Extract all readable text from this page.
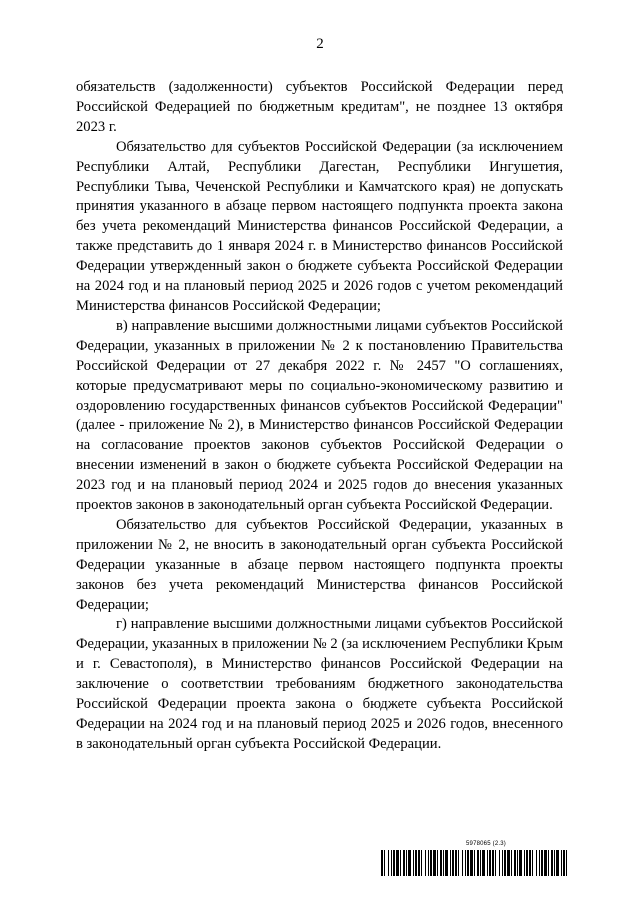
2

обязательств (задолженности) субъектов Российской Федерации перед Российской Федерацией по бюджетным кредитам", не позднее 13 октября 2023 г.

Обязательство для субъектов Российской Федерации (за исключением Республики Алтай, Республики Дагестан, Республики Ингушетия, Республики Тыва, Чеченской Республики и Камчатского края) не допускать принятия указанного в абзаце первом настоящего подпункта проекта закона без учета рекомендаций Министерства финансов Российской Федерации, а также представить до 1 января 2024 г. в Министерство финансов Российской Федерации утвержденный закон о бюджете субъекта Российской Федерации на 2024 год и на плановый период 2025 и 2026 годов с учетом рекомендаций Министерства финансов Российской Федерации;

в) направление высшими должностными лицами субъектов Российской Федерации, указанных в приложении № 2 к постановлению Правительства Российской Федерации от 27 декабря 2022 г. № 2457 "О соглашениях, которые предусматривают меры по социально-экономическому развитию и оздоровлению государственных финансов субъектов Российской Федерации" (далее - приложение № 2), в Министерство финансов Российской Федерации на согласование проектов законов субъектов Российской Федерации о внесении изменений в закон о бюджете субъекта Российской Федерации на 2023 год и на плановый период 2024 и 2025 годов до внесения указанных проектов законов в законодательный орган субъекта Российской Федерации.

Обязательство для субъектов Российской Федерации, указанных в приложении № 2, не вносить в законодательный орган субъекта Российской Федерации указанные в абзаце первом настоящего подпункта проекты законов без учета рекомендаций Министерства финансов Российской Федерации;

г) направление высшими должностными лицами субъектов Российской Федерации, указанных в приложении № 2 (за исключением Республики Крым и г. Севастополя), в Министерство финансов Российской Федерации на заключение о соответствии требованиям бюджетного законодательства Российской Федерации проекта закона о бюджете субъекта Российской Федерации на 2024 год и на плановый период 2025 и 2026 годов, внесенного в законодательный орган субъекта Российской Федерации.

5978065 (2.3)
